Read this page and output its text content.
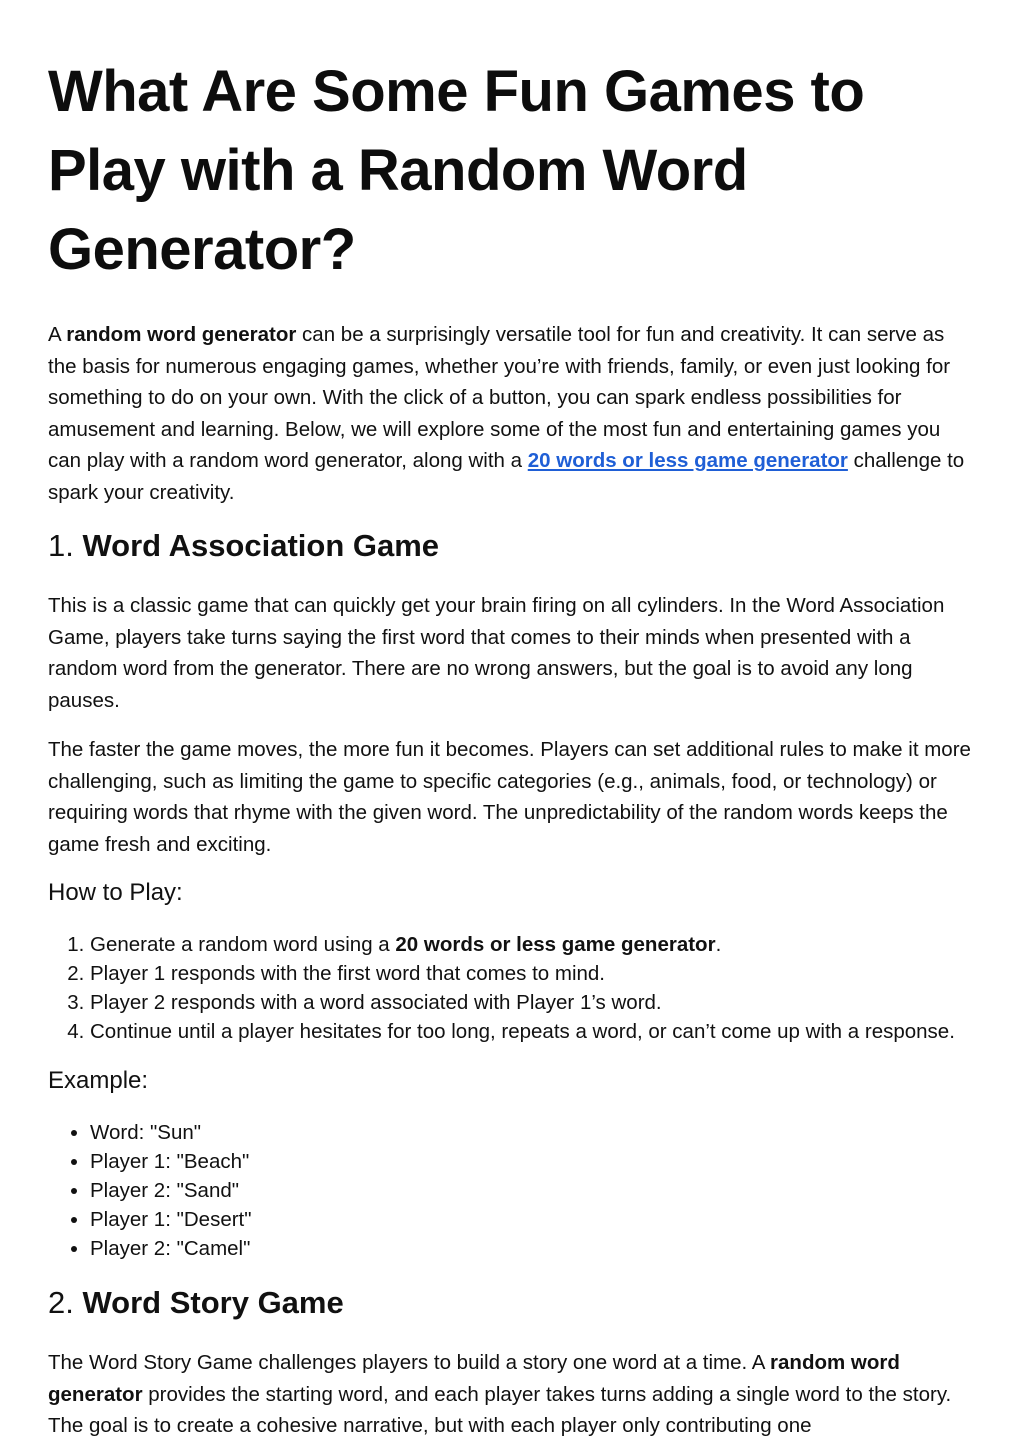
What Are Some Fun Games to Play with a Random Word Generator?

A random word generator can be a surprisingly versatile tool for fun and creativity. It can serve as the basis for numerous engaging games, whether you’re with friends, family, or even just looking for something to do on your own. With the click of a button, you can spark endless possibilities for amusement and learning. Below, we will explore some of the most fun and entertaining games you can play with a random word generator, along with a 20 words or less game generator challenge to spark your creativity.

1. Word Association Game

This is a classic game that can quickly get your brain firing on all cylinders. In the Word Association Game, players take turns saying the first word that comes to their minds when presented with a random word from the generator. There are no wrong answers, but the goal is to avoid any long pauses.

The faster the game moves, the more fun it becomes. Players can set additional rules to make it more challenging, such as limiting the game to specific categories (e.g., animals, food, or technology) or requiring words that rhyme with the given word. The unpredictability of the random words keeps the game fresh and exciting.

How to Play:
1. Generate a random word using a 20 words or less game generator.
2. Player 1 responds with the first word that comes to mind.
3. Player 2 responds with a word associated with Player 1’s word.
4. Continue until a player hesitates for too long, repeats a word, or can’t come up with a response.
Example:
• Word: "Sun"
• Player 1: "Beach"
• Player 2: "Sand"
• Player 1: "Desert"
• Player 2: "Camel"
2. Word Story Game

The Word Story Game challenges players to build a story one word at a time. A random word generator provides the starting word, and each player takes turns adding a single word to the story. The goal is to create a cohesive narrative, but with each player only contributing one
